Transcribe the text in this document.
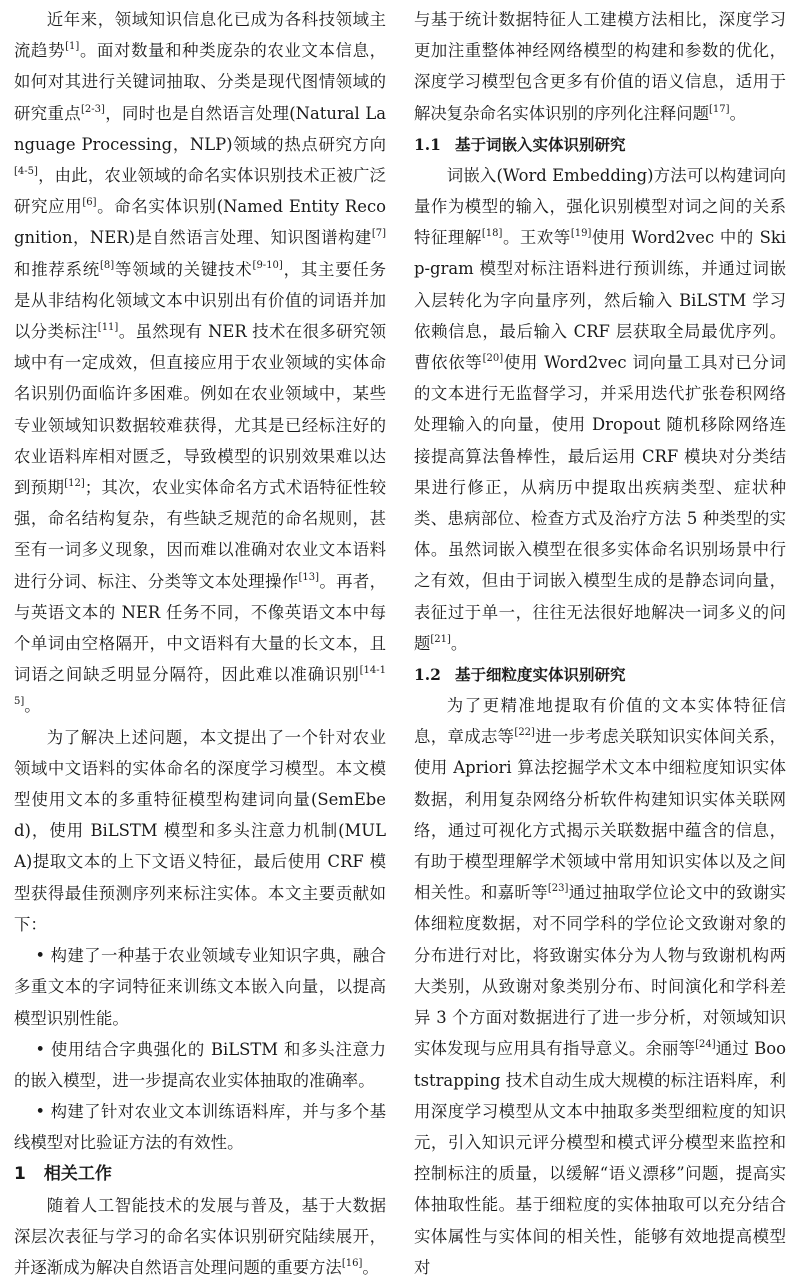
近年来，领域知识信息化已成为各科技领域主流趋势[1]。面对数量和种类庞杂的农业文本信息，如何对其进行关键词抽取、分类是现代图情领域的研究重点[2-3]，同时也是自然语言处理(Natural Language Processing，NLP)领域的热点研究方向[4-5]，由此，农业领域的命名实体识别技术正被广泛研究应用[6]。命名实体识别(Named Entity Recognition，NER)是自然语言处理、知识图谱构建[7]和推荐系统[8]等领域的关键技术[9-10]，其主要任务是从非结构化领域文本中识别出有价值的词语并加以分类标注[11]。虽然现有 NER 技术在很多研究领域中有一定成效，但直接应用于农业领域的实体命名识别仍面临许多困难。例如在农业领域中，某些专业领域知识数据较难获得，尤其是已经标注好的农业语料库相对匮乏，导致模型的识别效果难以达到预期[12]；其次，农业实体命名方式术语特征性较强，命名结构复杂，有些缺乏规范的命名规则，甚至有一词多义现象，因而难以准确对农业文本语料进行分词、标注、分类等文本处理操作[13]。再者，与英语文本的 NER 任务不同，不像英语文本中每个单词由空格隔开，中文语料有大量的长文本，且词语之间缺乏明显分隔符，因此难以准确识别[14-15]。

为了解决上述问题，本文提出了一个针对农业领域中文语料的实体命名的深度学习模型。本文模型使用文本的多重特征模型构建词向量(SemEbed)，使用 BiLSTM 模型和多头注意力机制(MULA)提取文本的上下文语义特征，最后使用 CRF 模型获得最佳预测序列来标注实体。本文主要贡献如下：

• 构建了一种基于农业领域专业知识字典，融合多重文本的字词特征来训练文本嵌入向量，以提高模型识别性能。

• 使用结合字典强化的 BiLSTM 和多头注意力的嵌入模型，进一步提高农业实体抽取的准确率。

• 构建了针对农业文本训练语料库，并与多个基线模型对比验证方法的有效性。

1 相关工作

随着人工智能技术的发展与普及，基于大数据深层次表征与学习的命名实体识别研究陆续展开，并逐渐成为解决自然语言处理问题的重要方法[16]。

与基于统计数据特征人工建模方法相比，深度学习更加注重整体神经网络模型的构建和参数的优化，深度学习模型包含更多有价值的语义信息，适用于解决复杂命名实体识别的序列化注释问题[17]。

1.1 基于词嵌入实体识别研究

词嵌入(Word Embedding)方法可以构建词向量作为模型的输入，强化识别模型对词之间的关系特征理解[18]。王欢等[19]使用 Word2vec 中的 Skip-gram 模型对标注语料进行预训练，并通过词嵌入层转化为字向量序列，然后输入 BiLSTM 学习依赖信息，最后输入 CRF 层获取全局最优序列。曹依依等[20]使用 Word2vec 词向量工具对已分词的文本进行无监督学习，并采用迭代扩张卷积网络处理输入的向量，使用 Dropout 随机移除网络连接提高算法鲁棒性，最后运用 CRF 模块对分类结果进行修正，从病历中提取出疾病类型、症状种类、患病部位、检查方式及治疗方法 5 种类型的实体。虽然词嵌入模型在很多实体命名识别场景中行之有效，但由于词嵌入模型生成的是静态词向量，表征过于单一，往往无法很好地解决一词多义的问题[21]。

1.2 基于细粒度实体识别研究

为了更精准地提取有价值的文本实体特征信息，章成志等[22]进一步考虑关联知识实体间关系，使用 Apriori 算法挖掘学术文本中细粒度知识实体数据，利用复杂网络分析软件构建知识实体关联网络，通过可视化方式揭示关联数据中蕴含的信息，有助于模型理解学术领域中常用知识实体以及之间相关性。和嘉昕等[23]通过抽取学位论文中的致谢实体细粒度数据，对不同学科的学位论文致谢对象的分布进行对比，将致谢实体分为人物与致谢机构两大类别，从致谢对象类别分布、时间演化和学科差异 3 个方面对数据进行了进一步分析，对领域知识实体发现与应用具有指导意义。余丽等[24]通过 Bootstrapping 技术自动生成大规模的标注语料库，利用深度学习模型从文本中抽取多类型细粒度的知识元，引入知识元评分模型和模式评分模型来监控和控制标注的质量，以缓解“语义漂移”问题，提高实体抽取性能。基于细粒度的实体抽取可以充分结合实体属性与实体间的相关性，能够有效地提高模型对
